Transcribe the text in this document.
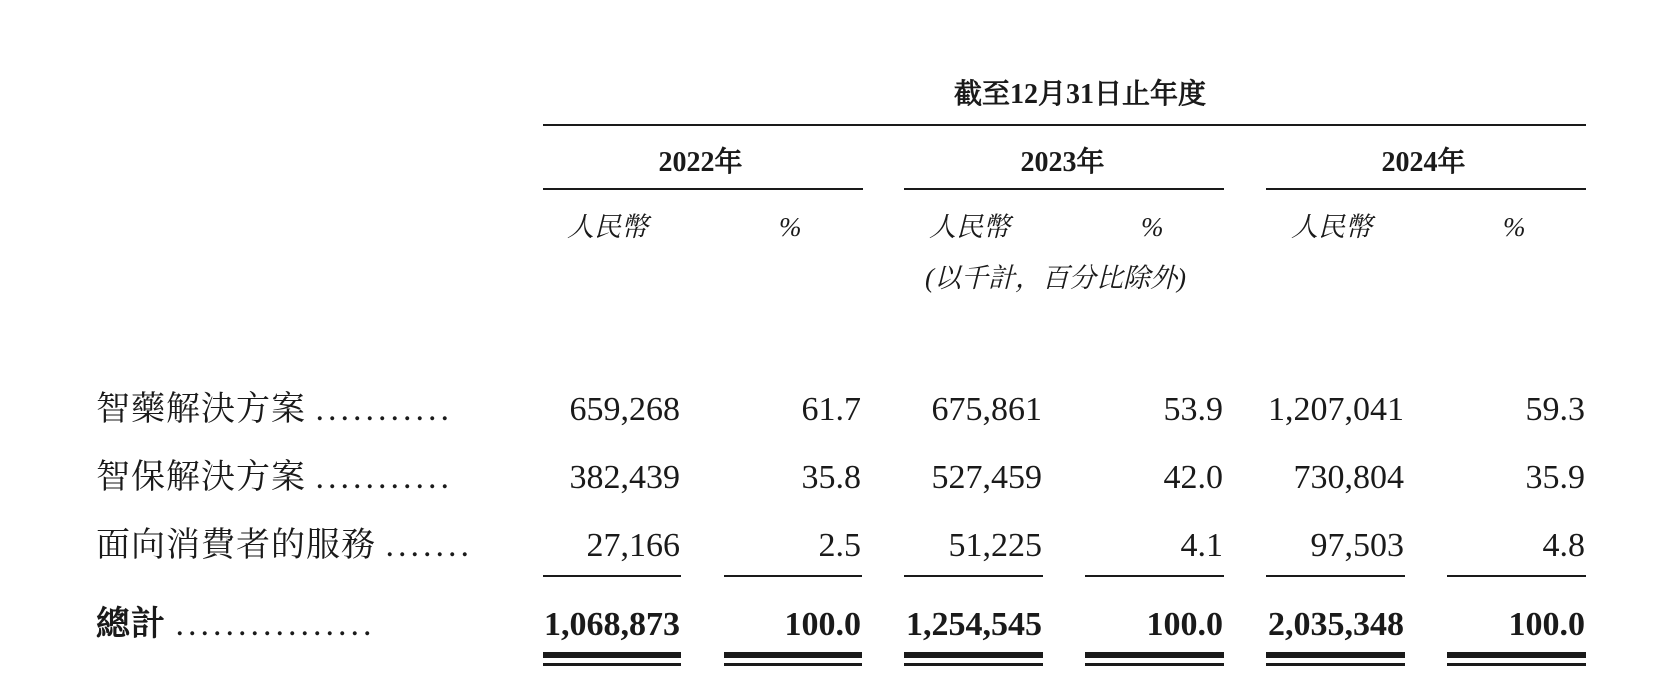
截至12月31日止年度
2022年	2023年	2024年
人民幣	%	人民幣	%	人民幣	%
(以千計，百分比除外)
智藥解決方案 ...........	659,268	61.7	675,861	53.9	1,207,041	59.3
智保解決方案 ...........	382,439	35.8	527,459	42.0	730,804	35.9
面向消費者的服務 .......	27,166	2.5	51,225	4.1	97,503	4.8
總計 ................	1,068,873	100.0	1,254,545	100.0	2,035,348	100.0
